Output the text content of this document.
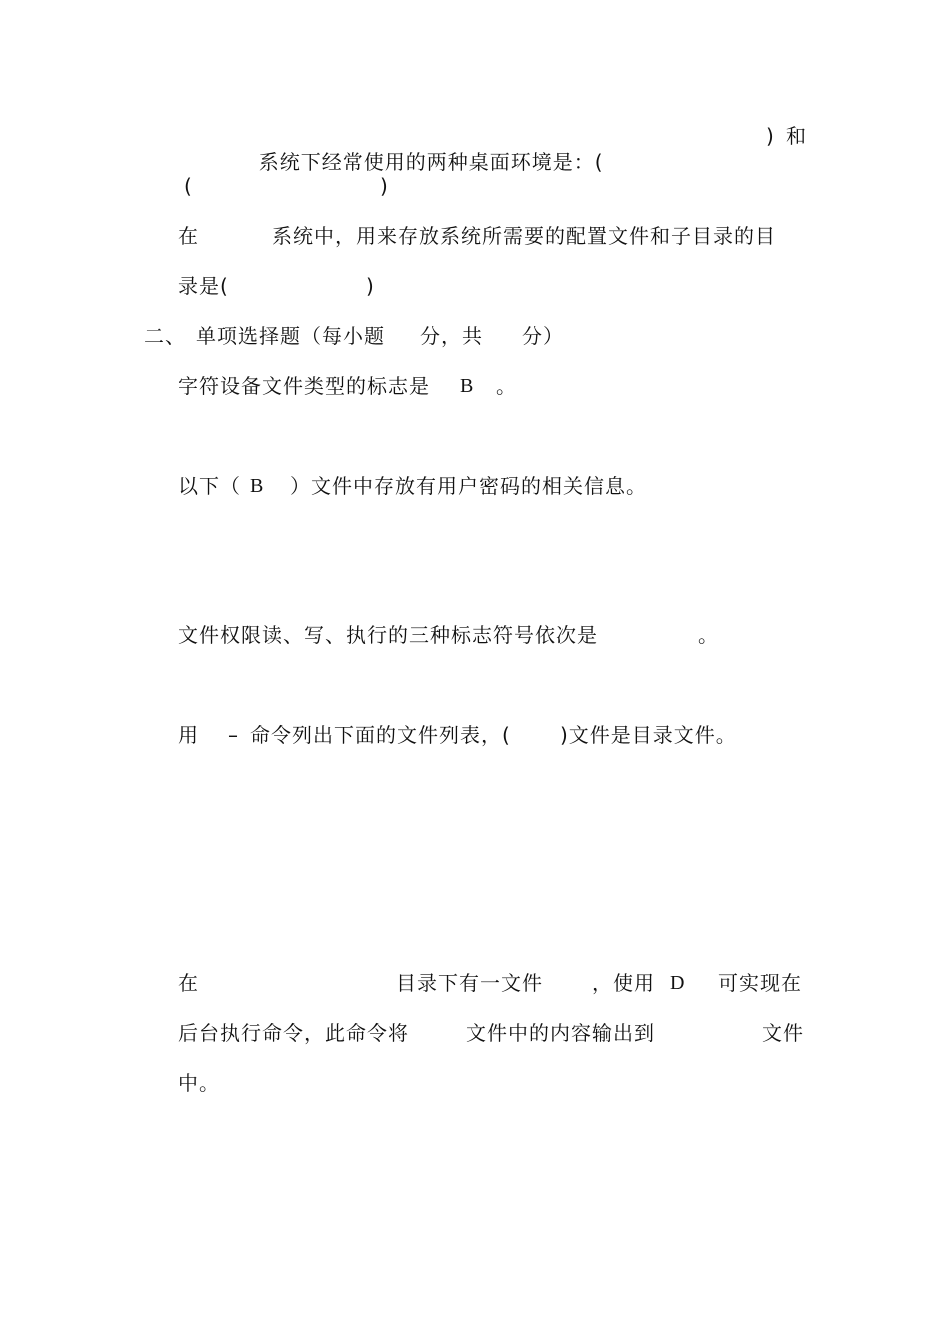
系统下经常使用的两种桌面环境是：(

) 和
(	)
在	系统中，用来存放系统所需要的配置文件和子目录的目
录是(	)
二、 单项选择题（每小题 分，共 分）
字符设备文件类型的标志是 B 。
以下（ B ）文件中存放有用户密码的相关信息。
文件权限读、写、执行的三种标志符号依次是	。
用 – 命令列出下面的文件列表，( )文件是目录文件。
在	目录下有一文件 ，使用 D 可实现在
后台执行命令，此命令将	文件中的内容输出到	文件
中。
